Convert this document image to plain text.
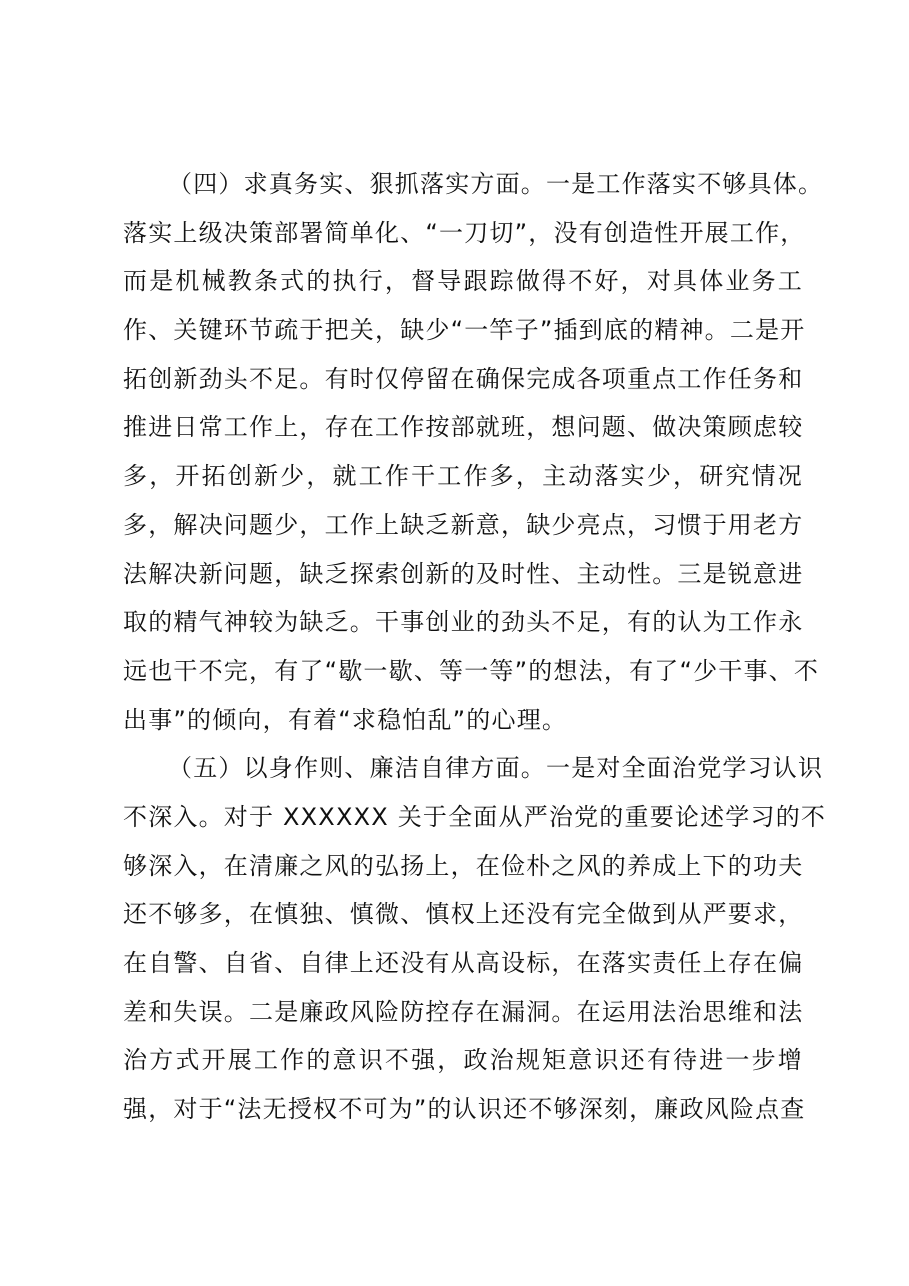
（四）求真务实、狠抓落实方面。一是工作落实不够具体。
落实上级决策部署简单化、“一刀切”，没有创造性开展工作，
而是机械教条式的执行，督导跟踪做得不好，对具体业务工
作、关键环节疏于把关，缺少“一竿子”插到底的精神。二是开
拓创新劲头不足。有时仅停留在确保完成各项重点工作任务和
推进日常工作上，存在工作按部就班，想问题、做决策顾虑较
多，开拓创新少，就工作干工作多，主动落实少，研究情况
多，解决问题少，工作上缺乏新意，缺少亮点，习惯于用老方
法解决新问题，缺乏探索创新的及时性、主动性。三是锐意进
取的精气神较为缺乏。干事创业的劲头不足，有的认为工作永
远也干不完，有了“歇一歇、等一等”的想法，有了“少干事、不
出事”的倾向，有着“求稳怕乱”的心理。
（五）以身作则、廉洁自律方面。一是对全面治党学习认识
不深入。对于 XXXXXX 关于全面从严治党的重要论述学习的不
够深入，在清廉之风的弘扬上，在俭朴之风的养成上下的功夫
还不够多，在慎独、慎微、慎权上还没有完全做到从严要求，
在自警、自省、自律上还没有从高设标，在落实责任上存在偏
差和失误。二是廉政风险防控存在漏洞。在运用法治思维和法
治方式开展工作的意识不强，政治规矩意识还有待进一步增
强，对于“法无授权不可为”的认识还不够深刻，廉政风险点查
